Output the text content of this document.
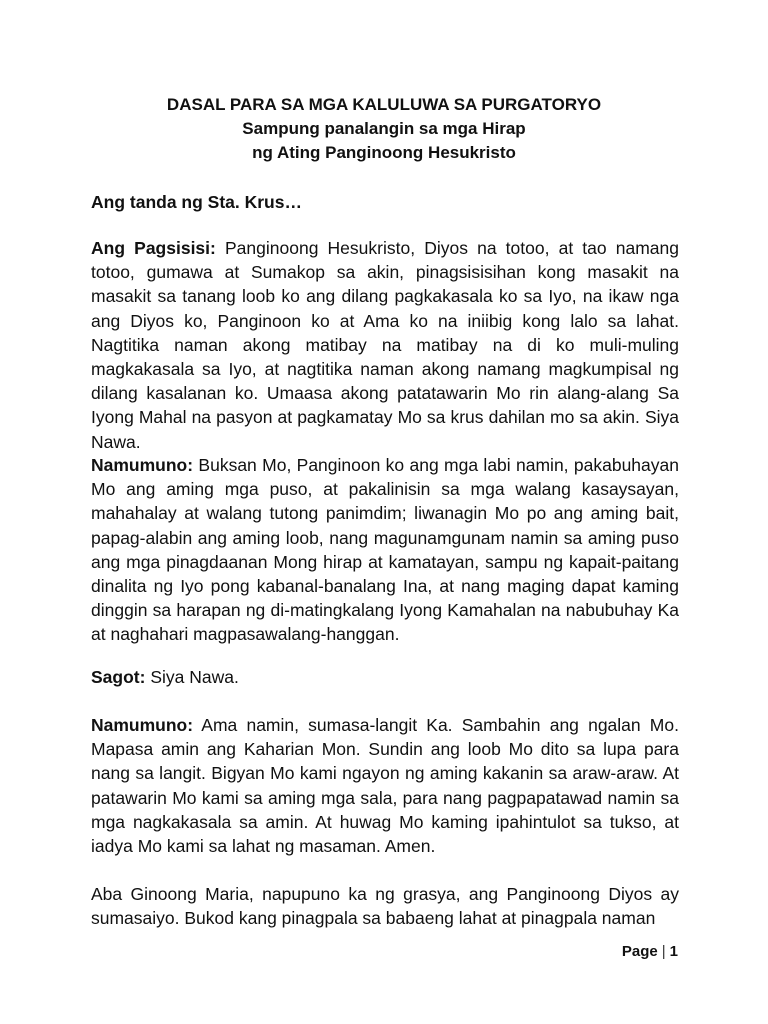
DASAL PARA SA MGA KALULUWA SA PURGATORYO
Sampung panalangin sa mga Hirap
ng Ating Panginoong Hesukristo
Ang tanda ng Sta. Krus…

Ang Pagsisisi: Panginoong Hesukristo, Diyos na totoo, at tao namang totoo, gumawa at Sumakop sa akin, pinagsisisihan kong masakit na masakit sa tanang loob ko ang dilang pagkakasala ko sa Iyo, na ikaw nga ang Diyos ko, Panginoon ko at Ama ko na iniibig kong lalo sa lahat. Nagtitika naman akong matibay na matibay na di ko muli-muling magkakasala sa Iyo, at nagtitika naman akong namang magkumpisal ng dilang kasalanan ko. Umaasa akong patatawarin Mo rin alang-alang Sa Iyong Mahal na pasyon at pagkamatay Mo sa krus dahilan mo sa akin. Siya Nawa.

Namumuno: Buksan Mo, Panginoon ko ang mga labi namin, pakabuhayan Mo ang aming mga puso, at pakalinisin sa mga walang kasaysayan, mahahalay at walang tutong panimdim; liwanagin Mo po ang aming bait, papag-alabin ang aming loob, nang magunamgunam namin sa aming puso ang mga pinagdaanan Mong hirap at kamatayan, sampu ng kapait-paitang dinalita ng Iyo pong kabanal-banalang Ina, at nang maging dapat kaming dinggin sa harapan ng di-matingkalang Iyong Kamahalan na nabubuhay Ka at naghahari magpasawalang-hanggan.

Sagot: Siya Nawa.

Namumuno: Ama namin, sumasa-langit Ka. Sambahin ang ngalan Mo. Mapasa amin ang Kaharian Mon. Sundin ang loob Mo dito sa lupa para nang sa langit. Bigyan Mo kami ngayon ng aming kakanin sa araw-araw. At patawarin Mo kami sa aming mga sala, para nang pagpapatawad namin sa mga nagkakasala sa amin. At huwag Mo kaming ipahintulot sa tukso, at iadya Mo kami sa lahat ng masaman. Amen.

Aba Ginoong Maria, napupuno ka ng grasya, ang Panginoong Diyos ay sumasaiyo. Bukod kang pinagpala sa babaeng lahat at pinagpala naman

Page | 1
